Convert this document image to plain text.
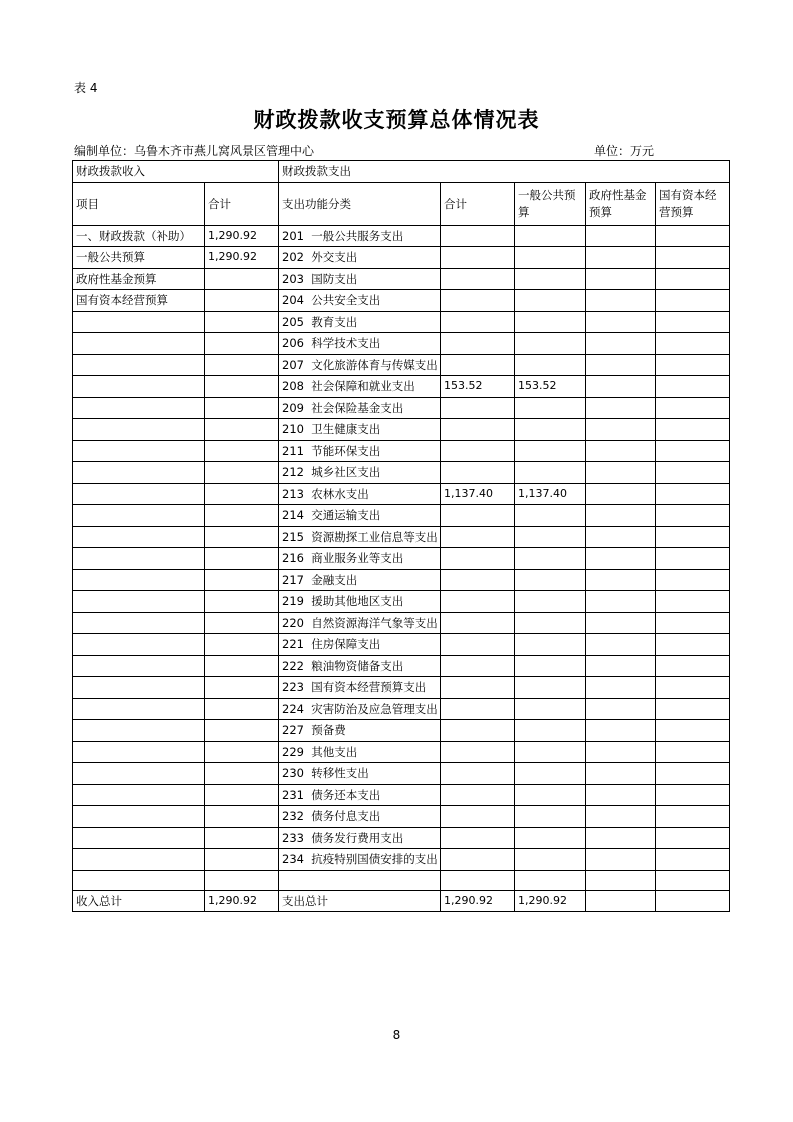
表 4
财政拨款收支预算总体情况表
编制单位：乌鲁木齐市燕儿窝风景区管理中心	单位：万元
财政拨款收入		财政拨款支出				
项目	合计	支出功能分类	合计	一般公共预算	政府性基金预算	国有资本经营预算
一、财政拨款（补助）	1,290.92	201 一般公共服务支出				
一般公共预算	1,290.92	202 外交支出				
政府性基金预算		203 国防支出				
国有资本经营预算		204 公共安全支出				
		205 教育支出				
		206 科学技术支出				
		207 文化旅游体育与传媒支出				
		208 社会保障和就业支出	153.52	153.52		
		209 社会保险基金支出				
		210 卫生健康支出				
		211 节能环保支出				
		212 城乡社区支出				
		213 农林水支出	1,137.40	1,137.40		
		214 交通运输支出				
		215 资源勘探工业信息等支出				
		216 商业服务业等支出				
		217 金融支出				
		219 援助其他地区支出				
		220 自然资源海洋气象等支出				
		221 住房保障支出				
		222 粮油物资储备支出				
		223 国有资本经营预算支出				
		224 灾害防治及应急管理支出				
		227 预备费				
		229 其他支出				
		230 转移性支出				
		231 债务还本支出				
		232 债务付息支出				
		233 债务发行费用支出				
		234 抗疫特别国债安排的支出				

收入总计	1,290.92	支出总计	1,290.92	1,290.92		
8
